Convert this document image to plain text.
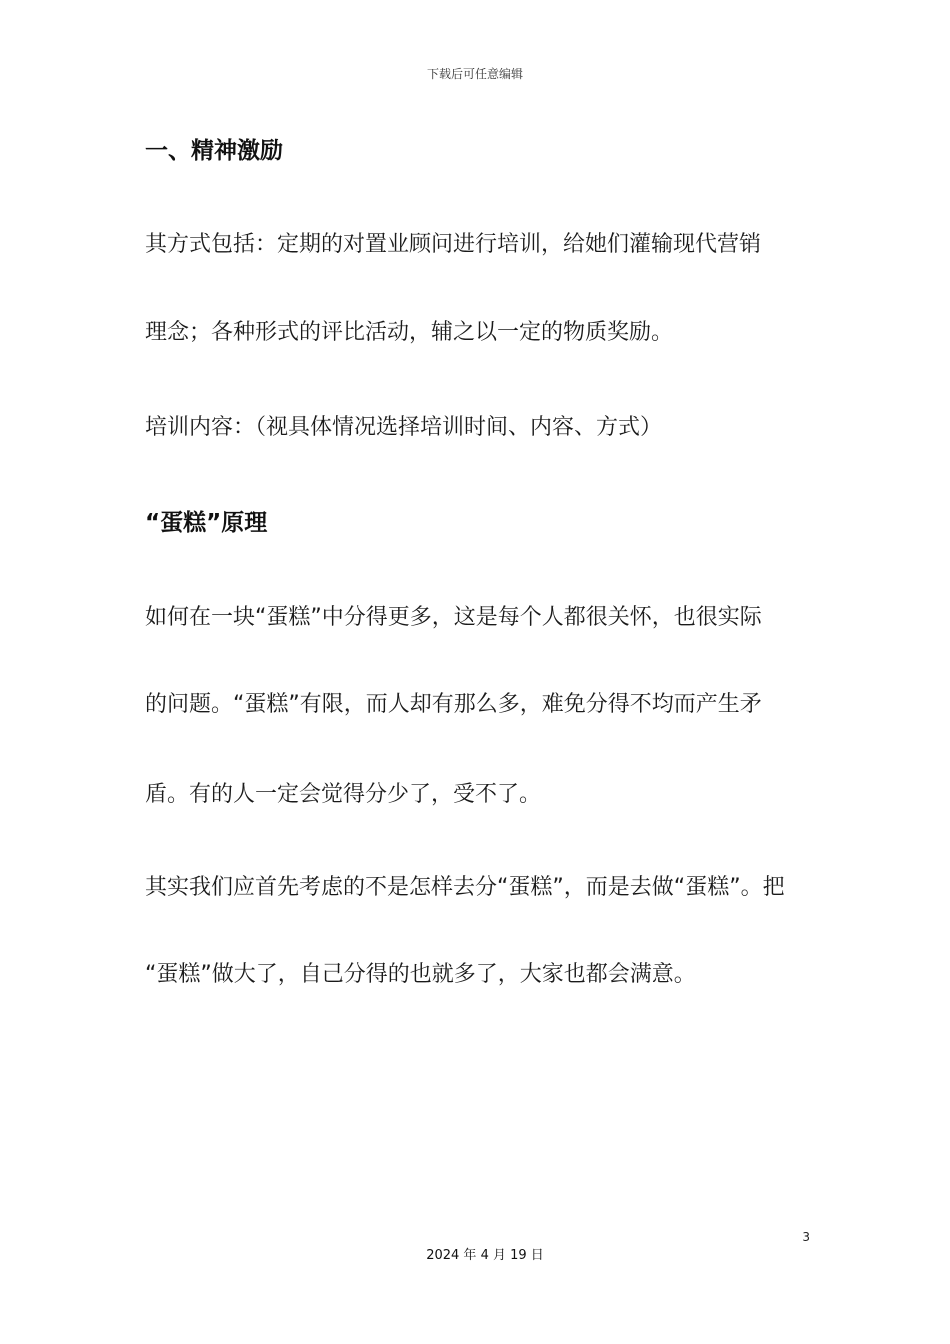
下载后可任意编辑
一、精神激励
其方式包括：定期的对置业顾问进行培训，给她们灌输现代营销
理念；各种形式的评比活动，辅之以一定的物质奖励。
培训内容：（视具体情况选择培训时间、内容、方式）
“蛋糕”原理
如何在一块“蛋糕”中分得更多，这是每个人都很关怀，也很实际
的问题。“蛋糕”有限，而人却有那么多，难免分得不均而产生矛
盾。有的人一定会觉得分少了，受不了。
其实我们应首先考虑的不是怎样去分“蛋糕”，而是去做“蛋糕”。把
“蛋糕”做大了，自己分得的也就多了，大家也都会满意。
3
2024 年 4 月 19 日
